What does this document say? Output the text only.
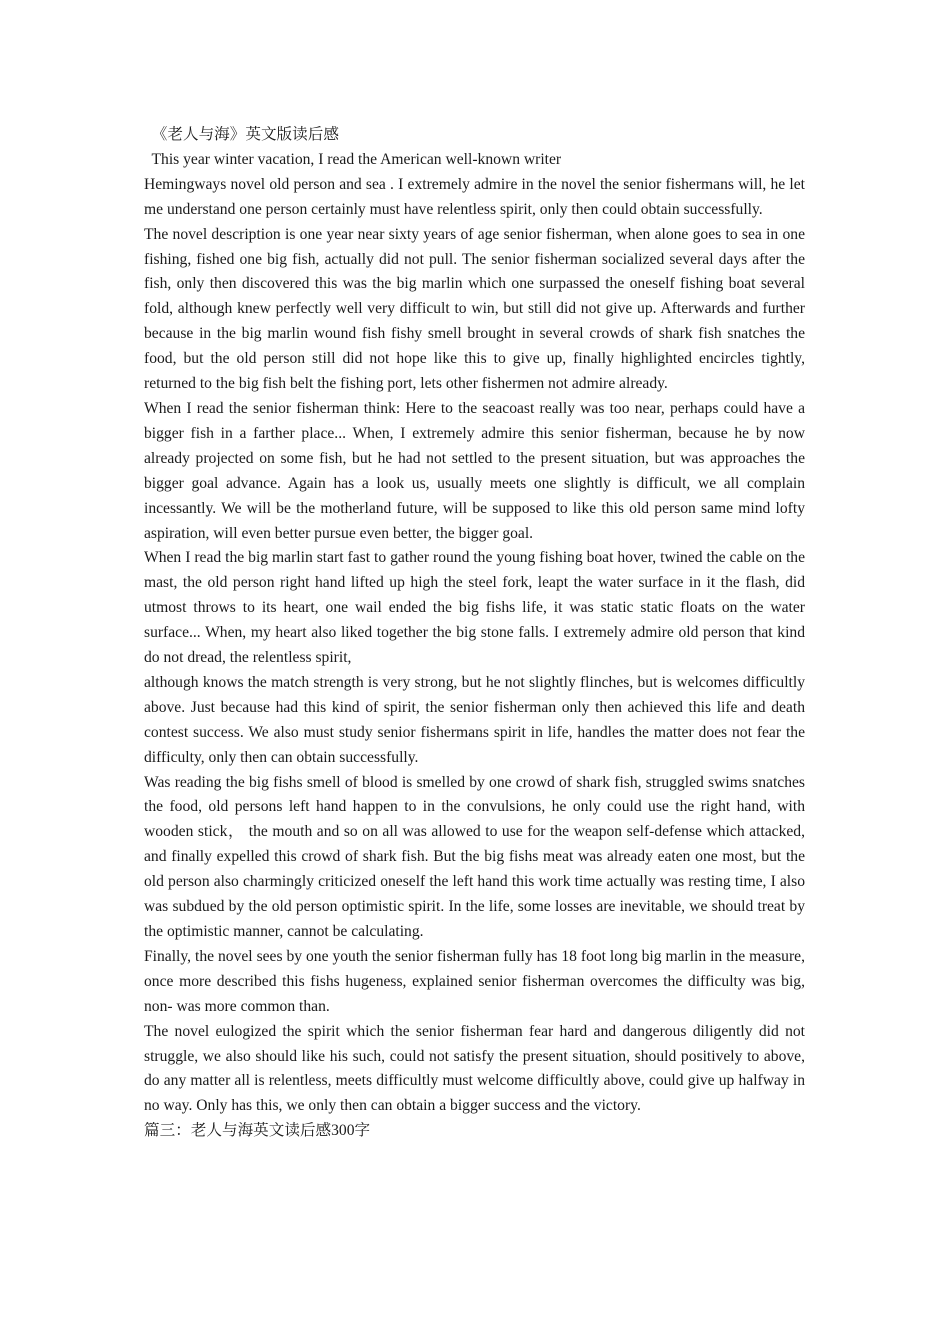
《老人与海》英文版读后感
This year winter vacation, I read the American well-known writer

Hemingways novel old person and sea . I extremely admire in the novel the senior fishermans will, he let me understand one person certainly must have relentless spirit, only then could obtain successfully.

The novel description is one year near sixty years of age senior fisherman, when alone goes to sea in one fishing, fished one big fish, actually did not pull. The senior fisherman socialized several days after the fish, only then discovered this was the big marlin which one surpassed the oneself fishing boat several fold, although knew perfectly well very difficult to win, but still did not give up. Afterwards and further because in the big marlin wound fish fishy smell brought in several crowds of shark fish snatches the food, but the old person still did not hope like this to give up, finally highlighted encircles tightly, returned to the big fish belt the fishing port, lets other fishermen not admire already.

When I read the senior fisherman think: Here to the seacoast really was too near, perhaps could have a bigger fish in a farther place... When, I extremely admire this senior fisherman, because he by now already projected on some fish, but he had not settled to the present situation, but was approaches the bigger goal advance. Again has a look us, usually meets one slightly is difficult, we all complain incessantly. We will be the motherland future, will be supposed to like this old person same mind lofty aspiration, will even better pursue even better, the bigger goal.

When I read the big marlin start fast to gather round the young fishing boat hover, twined the cable on the mast, the old person right hand lifted up high the steel fork, leapt the water surface in it the flash, did utmost throws to its heart, one wail ended the big fishs life, it was static static floats on the water surface... When, my heart also liked together the big stone falls. I extremely admire old person that kind do not dread, the relentless spirit,

although knows the match strength is very strong, but he not slightly flinches, but is welcomes difficultly above. Just because had this kind of spirit, the senior fisherman only then achieved this life and death contest success. We also must study senior fishermans spirit in life, handles the matter does not fear the difficulty, only then can obtain successfully.

Was reading the big fishs smell of blood is smelled by one crowd of shark fish, struggled swims snatches the food, old persons left hand happen to in the convulsions, he only could use the right hand, with wooden stick， the mouth and so on all was allowed to use for the weapon self-defense which attacked, and finally expelled this crowd of shark fish. But the big fishs meat was already eaten one most, but the old person also charmingly criticized oneself the left hand this work time actually was resting time, I also was subdued by the old person optimistic spirit. In the life, some losses are inevitable, we should treat by the optimistic manner, cannot be calculating.

Finally, the novel sees by one youth the senior fisherman fully has 18 foot long big marlin in the measure, once more described this fishs hugeness, explained senior fisherman overcomes the difficulty was big, non- was more common than.

The novel eulogized the spirit which the senior fisherman fear hard and dangerous diligently did not struggle, we also should like his such, could not satisfy the present situation, should positively to above, do any matter all is relentless, meets difficultly must welcome difficultly above, could give up halfway in no way. Only has this, we only then can obtain a bigger success and the victory.

篇三：老人与海英文读后感300字
